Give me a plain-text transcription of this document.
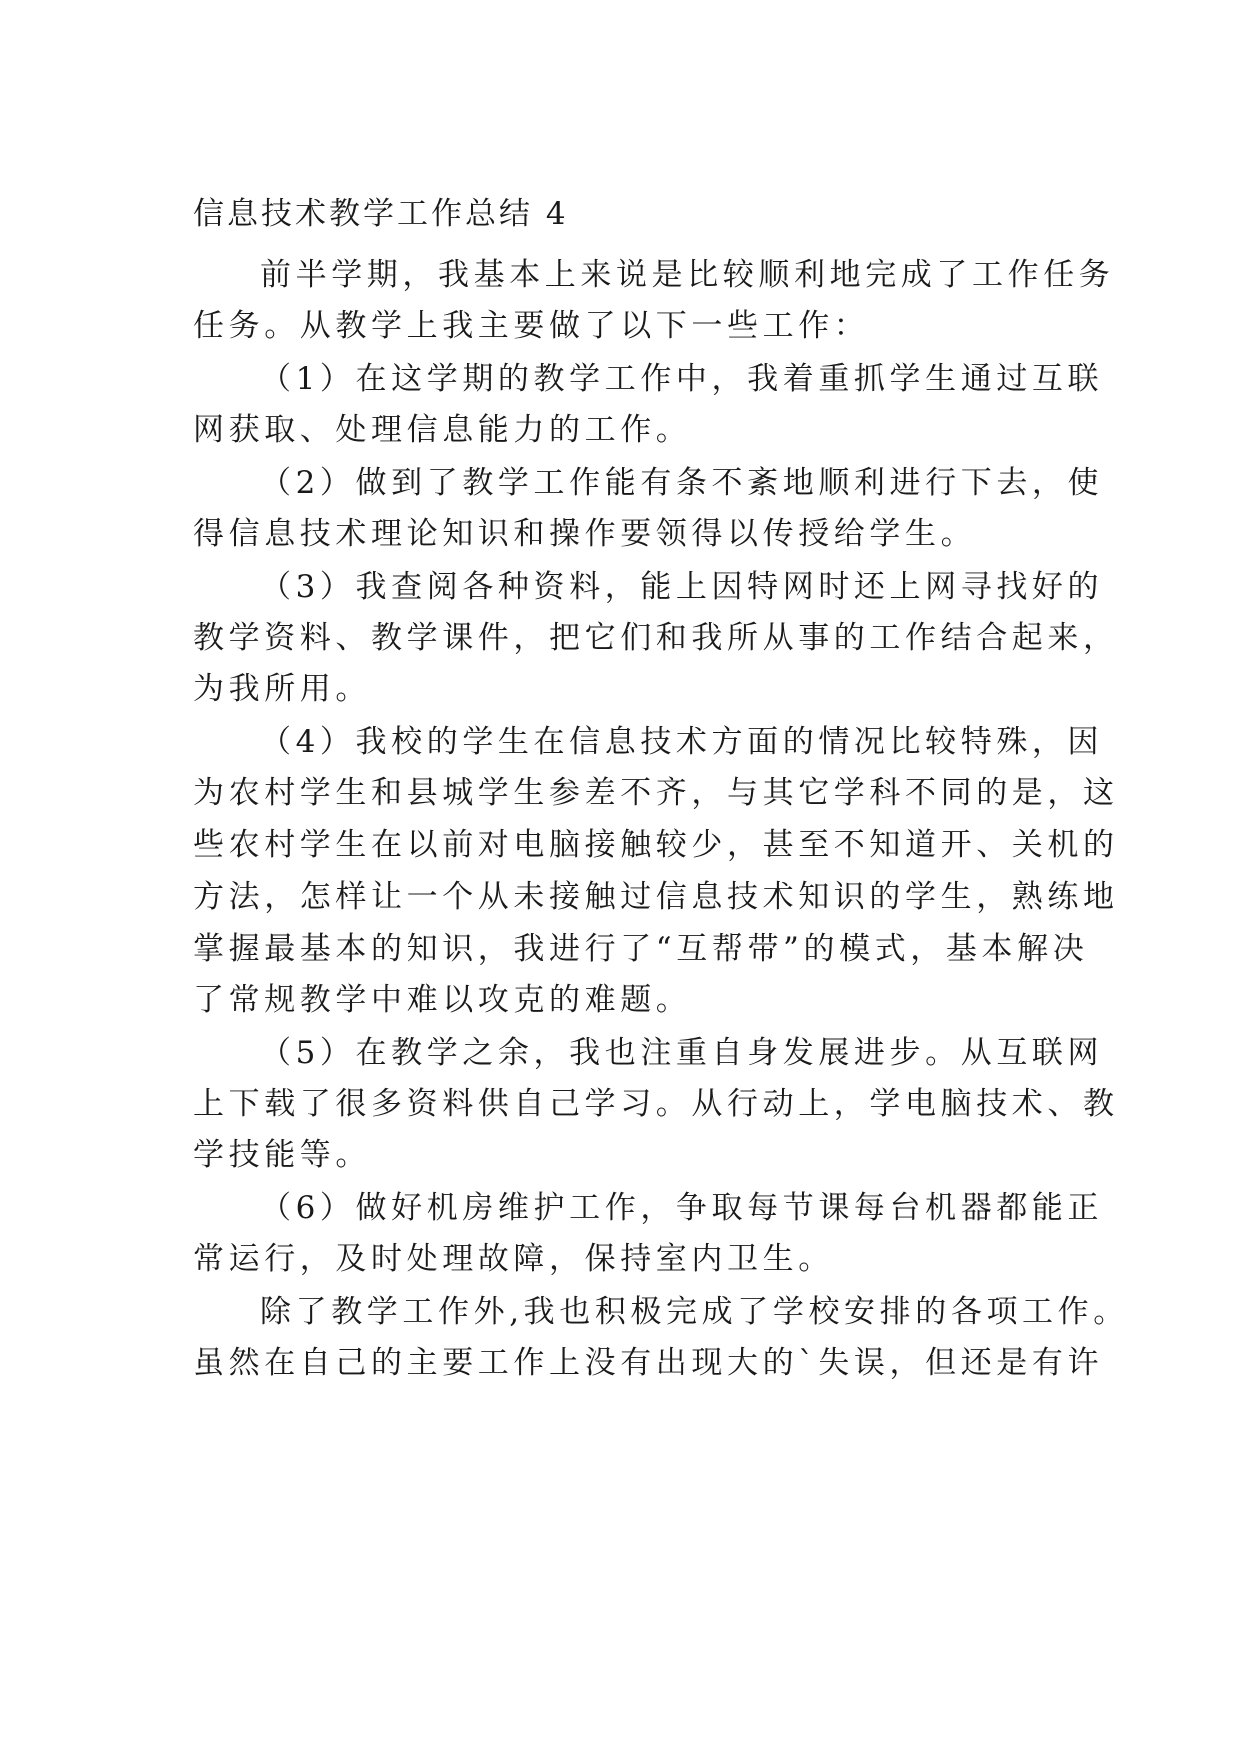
信息技术教学工作总结 4
前半学期，我基本上来说是比较顺利地完成了工作任务
任务。从教学上我主要做了以下一些工作：
（1）在这学期的教学工作中，我着重抓学生通过互联
网获取、处理信息能力的工作。
（2）做到了教学工作能有条不紊地顺利进行下去，使
得信息技术理论知识和操作要领得以传授给学生。
（3）我查阅各种资料，能上因特网时还上网寻找好的
教学资料、教学课件，把它们和我所从事的工作结合起来，
为我所用。
（4）我校的学生在信息技术方面的情况比较特殊，因
为农村学生和县城学生参差不齐，与其它学科不同的是，这
些农村学生在以前对电脑接触较少，甚至不知道开、关机的
方法，怎样让一个从未接触过信息技术知识的学生，熟练地
掌握最基本的知识，我进行了“互帮带”的模式，基本解决
了常规教学中难以攻克的难题。
（5）在教学之余，我也注重自身发展进步。从互联网
上下载了很多资料供自己学习。从行动上，学电脑技术、教
学技能等。
（6）做好机房维护工作，争取每节课每台机器都能正
常运行，及时处理故障，保持室内卫生。
除了教学工作外,我也积极完成了学校安排的各项工作。
虽然在自己的主要工作上没有出现大的`失误，但还是有许
